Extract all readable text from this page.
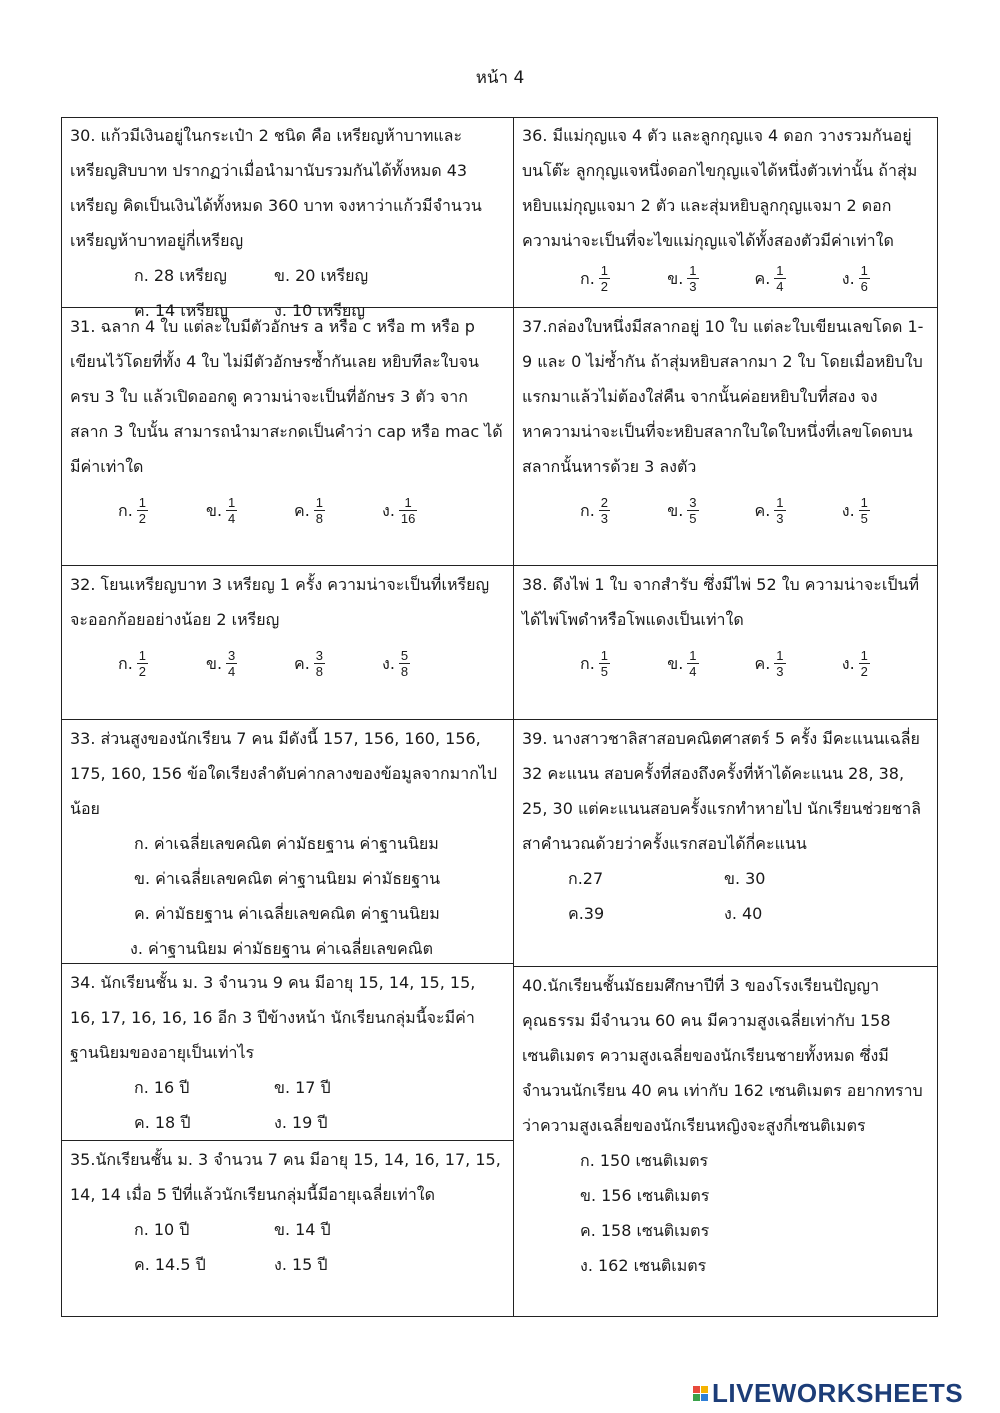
หน้า 4

30. แก้วมีเงินอยู่ในกระเป๋า 2 ชนิด คือ เหรียญห้าบาทและเหรียญสิบบาท ปรากฏว่าเมื่อนำมานับรวมกันได้ทั้งหมด 43 เหรียญ คิดเป็นเงินได้ทั้งหมด 360 บาท จงหาว่าแก้วมีจำนวนเหรียญห้าบาทอยู่กี่เหรียญ

ก. 28 เหรียญ	ข. 20 เหรียญ
ค. 14 เหรียญ	ง. 10 เหรียญ

31. ฉลาก 4 ใบ แต่ละใบมีตัวอักษร a หรือ c หรือ m หรือ p เขียนไว้โดยที่ทั้ง 4 ใบ ไม่มีตัวอักษรซ้ำกันเลย หยิบทีละใบจนครบ 3 ใบ แล้วเปิดออกดู ความน่าจะเป็นที่อักษร 3 ตัว จากสลาก 3 ใบนั้น สามารถนำมาสะกดเป็นคำว่า cap หรือ mac ได้มีค่าเท่าใด

ก. $\frac{1}{2}$	ข. $\frac{1}{4}$	ค. $\frac{1}{8}$	ง. $\frac{1}{16}$

32. โยนเหรียญบาท 3 เหรียญ 1 ครั้ง ความน่าจะเป็นที่เหรียญจะออกก้อยอย่างน้อย 2 เหรียญ

ก. $\frac{1}{2}$	ข. $\frac{3}{4}$	ค. $\frac{3}{8}$	ง. $\frac{5}{8}$

33. ส่วนสูงของนักเรียน 7 คน มีดังนี้ 157, 156, 160, 156, 175, 160, 156 ข้อใดเรียงลำดับค่ากลางของข้อมูลจากมากไปน้อย

ก. ค่าเฉลี่ยเลขคณิต ค่ามัธยฐาน ค่าฐานนิยม
ข. ค่าเฉลี่ยเลขคณิต ค่าฐานนิยม ค่ามัธยฐาน
ค. ค่ามัธยฐาน ค่าเฉลี่ยเลขคณิต ค่าฐานนิยม
ง. ค่าฐานนิยม ค่ามัธยฐาน ค่าเฉลี่ยเลขคณิต

34. นักเรียนชั้น ม. 3 จำนวน 9 คน มีอายุ 15, 14, 15, 15, 16, 17, 16, 16, 16 อีก 3 ปีข้างหน้า นักเรียนกลุ่มนี้จะมีค่าฐานนิยมของอายุเป็นเท่าไร

ก. 16 ปี	ข. 17 ปี
ค. 18 ปี	ง. 19 ปี

35.นักเรียนชั้น ม. 3 จำนวน 7 คน มีอายุ 15, 14, 16, 17, 15, 14, 14 เมื่อ 5 ปีที่แล้วนักเรียนกลุ่มนี้มีอายุเฉลี่ยเท่าใด

ก. 10 ปี	ข. 14 ปี
ค. 14.5 ปี	ง. 15 ปี

36. มีแม่กุญแจ 4 ตัว และลูกกุญแจ 4 ดอก วางรวมกันอยู่บนโต๊ะ ลูกกุญแจหนึ่งดอกไขกุญแจได้หนึ่งตัวเท่านั้น ถ้าสุ่มหยิบแม่กุญแจมา 2 ตัว และสุ่มหยิบลูกกุญแจมา 2 ดอก ความน่าจะเป็นที่จะไขแม่กุญแจได้ทั้งสองตัวมีค่าเท่าใด

ก. $\frac{1}{2}$	ข. $\frac{1}{3}$	ค. $\frac{1}{4}$	ง. $\frac{1}{6}$

37.กล่องใบหนึ่งมีสลากอยู่ 10 ใบ แต่ละใบเขียนเลขโดด 1-9 และ 0 ไม่ซ้ำกัน ถ้าสุ่มหยิบสลากมา 2 ใบ โดยเมื่อหยิบใบแรกมาแล้วไม่ต้องใส่คืน จากนั้นค่อยหยิบใบที่สอง จงหาความน่าจะเป็นที่จะหยิบสลากใบใดใบหนึ่งที่เลขโดดบนสลากนั้นหารด้วย 3 ลงตัว

ก. $\frac{2}{3}$	ข. $\frac{3}{5}$	ค. $\frac{1}{3}$	ง. $\frac{1}{5}$

38. ดึงไพ่ 1 ใบ จากสำรับ ซึ่งมีไพ่ 52 ใบ ความน่าจะเป็นที่ได้ไพ่โพดำหรือโพแดงเป็นเท่าใด

ก. $\frac{1}{5}$	ข. $\frac{1}{4}$	ค. $\frac{1}{3}$	ง. $\frac{1}{2}$

39. นางสาวชาลิสาสอบคณิตศาสตร์ 5 ครั้ง มีคะแนนเฉลี่ย 32 คะแนน สอบครั้งที่สองถึงครั้งที่ห้าได้คะแนน 28, 38, 25, 30 แต่คะแนนสอบครั้งแรกทำหายไป นักเรียนช่วยชาลิสาคำนวณด้วยว่าครั้งแรกสอบได้กี่คะแนน

ก.27	ข. 30
ค.39	ง. 40

40.นักเรียนชั้นมัธยมศึกษาปีที่ 3 ของโรงเรียนปัญญาคุณธรรม มีจำนวน 60 คน มีความสูงเฉลี่ยเท่ากับ 158 เซนติเมตร ความสูงเฉลี่ยของนักเรียนชายทั้งหมด ซึ่งมีจำนวนนักเรียน 40 คน เท่ากับ 162 เซนติเมตร อยากทราบว่าความสูงเฉลี่ยของนักเรียนหญิงจะสูงกี่เซนติเมตร

ก. 150 เซนติเมตร
ข. 156 เซนติเมตร
ค. 158 เซนติเมตร
ง. 162 เซนติเมตร
LIVEWORKSHEETS
